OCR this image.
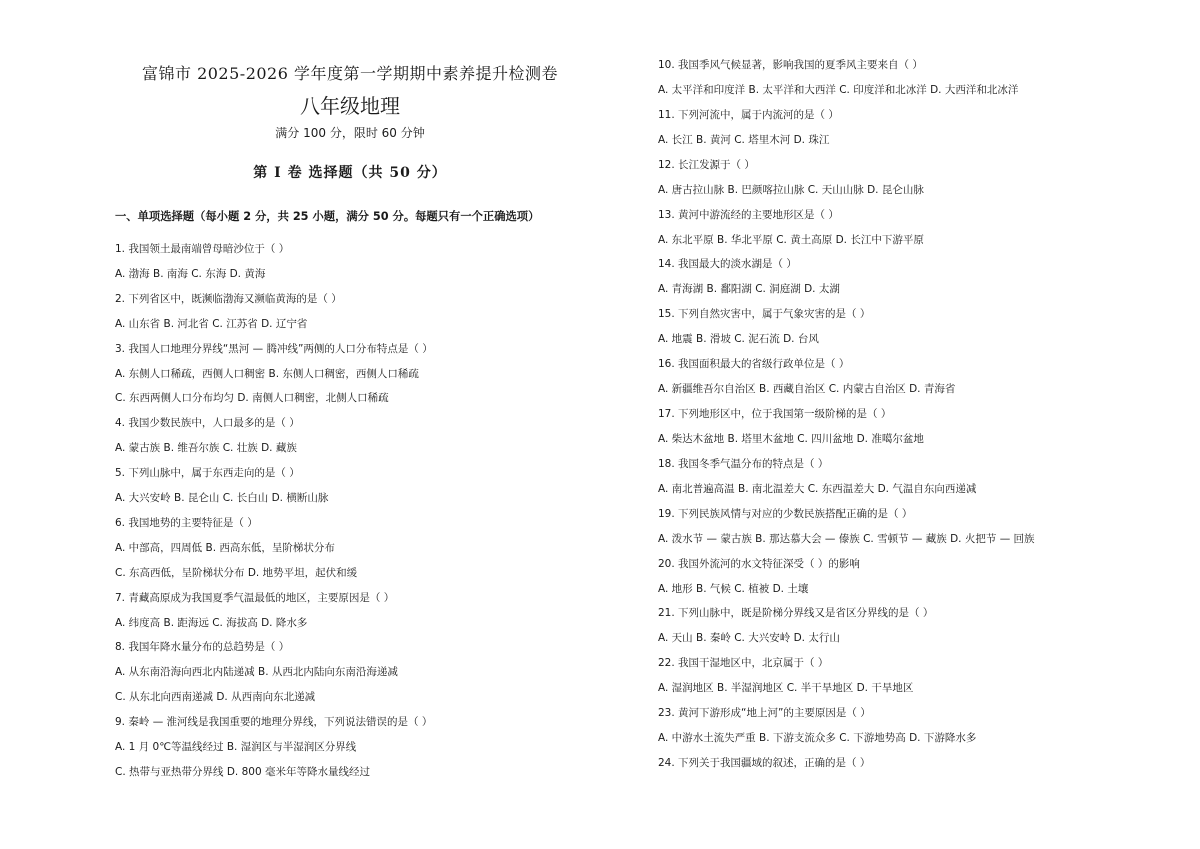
富锦市 2025-2026 学年度第一学期期中素养提升检测卷
八年级地理
满分 100 分，限时 60 分钟
第 Ⅰ 卷 选择题（共 50 分）
一、单项选择题（每小题 2 分，共 25 小题，满分 50 分。每题只有一个正确选项）
1. 我国领土最南端曾母暗沙位于（ ）
A. 渤海 B. 南海 C. 东海 D. 黄海
2. 下列省区中，既濒临渤海又濒临黄海的是（ ）
A. 山东省 B. 河北省 C. 江苏省 D. 辽宁省
3. 我国人口地理分界线“黑河 — 腾冲线”两侧的人口分布特点是（ ）
A. 东侧人口稀疏，西侧人口稠密 B. 东侧人口稠密，西侧人口稀疏
C. 东西两侧人口分布均匀 D. 南侧人口稠密，北侧人口稀疏
4. 我国少数民族中，人口最多的是（ ）
A. 蒙古族 B. 维吾尔族 C. 壮族 D. 藏族
5. 下列山脉中，属于东西走向的是（ ）
A. 大兴安岭 B. 昆仑山 C. 长白山 D. 横断山脉
6. 我国地势的主要特征是（ ）
A. 中部高，四周低 B. 西高东低，呈阶梯状分布
C. 东高西低，呈阶梯状分布 D. 地势平坦，起伏和缓
7. 青藏高原成为我国夏季气温最低的地区，主要原因是（ ）
A. 纬度高 B. 距海远 C. 海拔高 D. 降水多
8. 我国年降水量分布的总趋势是（ ）
A. 从东南沿海向西北内陆递减 B. 从西北内陆向东南沿海递减
C. 从东北向西南递减 D. 从西南向东北递减
9. 秦岭 — 淮河线是我国重要的地理分界线，下列说法错误的是（ ）
A. 1 月 0℃等温线经过 B. 湿润区与半湿润区分界线
C. 热带与亚热带分界线 D. 800 毫米年等降水量线经过
10. 我国季风气候显著，影响我国的夏季风主要来自（ ）
A. 太平洋和印度洋 B. 太平洋和大西洋 C. 印度洋和北冰洋 D. 大西洋和北冰洋
11. 下列河流中，属于内流河的是（ ）
A. 长江 B. 黄河 C. 塔里木河 D. 珠江
12. 长江发源于（ ）
A. 唐古拉山脉 B. 巴颜喀拉山脉 C. 天山山脉 D. 昆仑山脉
13. 黄河中游流经的主要地形区是（ ）
A. 东北平原 B. 华北平原 C. 黄土高原 D. 长江中下游平原
14. 我国最大的淡水湖是（ ）
A. 青海湖 B. 鄱阳湖 C. 洞庭湖 D. 太湖
15. 下列自然灾害中，属于气象灾害的是（ ）
A. 地震 B. 滑坡 C. 泥石流 D. 台风
16. 我国面积最大的省级行政单位是（ ）
A. 新疆维吾尔自治区 B. 西藏自治区 C. 内蒙古自治区 D. 青海省
17. 下列地形区中，位于我国第一级阶梯的是（ ）
A. 柴达木盆地 B. 塔里木盆地 C. 四川盆地 D. 准噶尔盆地
18. 我国冬季气温分布的特点是（ ）
A. 南北普遍高温 B. 南北温差大 C. 东西温差大 D. 气温自东向西递减
19. 下列民族风情与对应的少数民族搭配正确的是（ ）
A. 泼水节 — 蒙古族 B. 那达慕大会 — 傣族 C. 雪顿节 — 藏族 D. 火把节 — 回族
20. 我国外流河的水文特征深受（ ）的影响
A. 地形 B. 气候 C. 植被 D. 土壤
21. 下列山脉中，既是阶梯分界线又是省区分界线的是（ ）
A. 天山 B. 秦岭 C. 大兴安岭 D. 太行山
22. 我国干湿地区中，北京属于（ ）
A. 湿润地区 B. 半湿润地区 C. 半干旱地区 D. 干旱地区
23. 黄河下游形成“地上河”的主要原因是（ ）
A. 中游水土流失严重 B. 下游支流众多 C. 下游地势高 D. 下游降水多
24. 下列关于我国疆域的叙述，正确的是（ ）
